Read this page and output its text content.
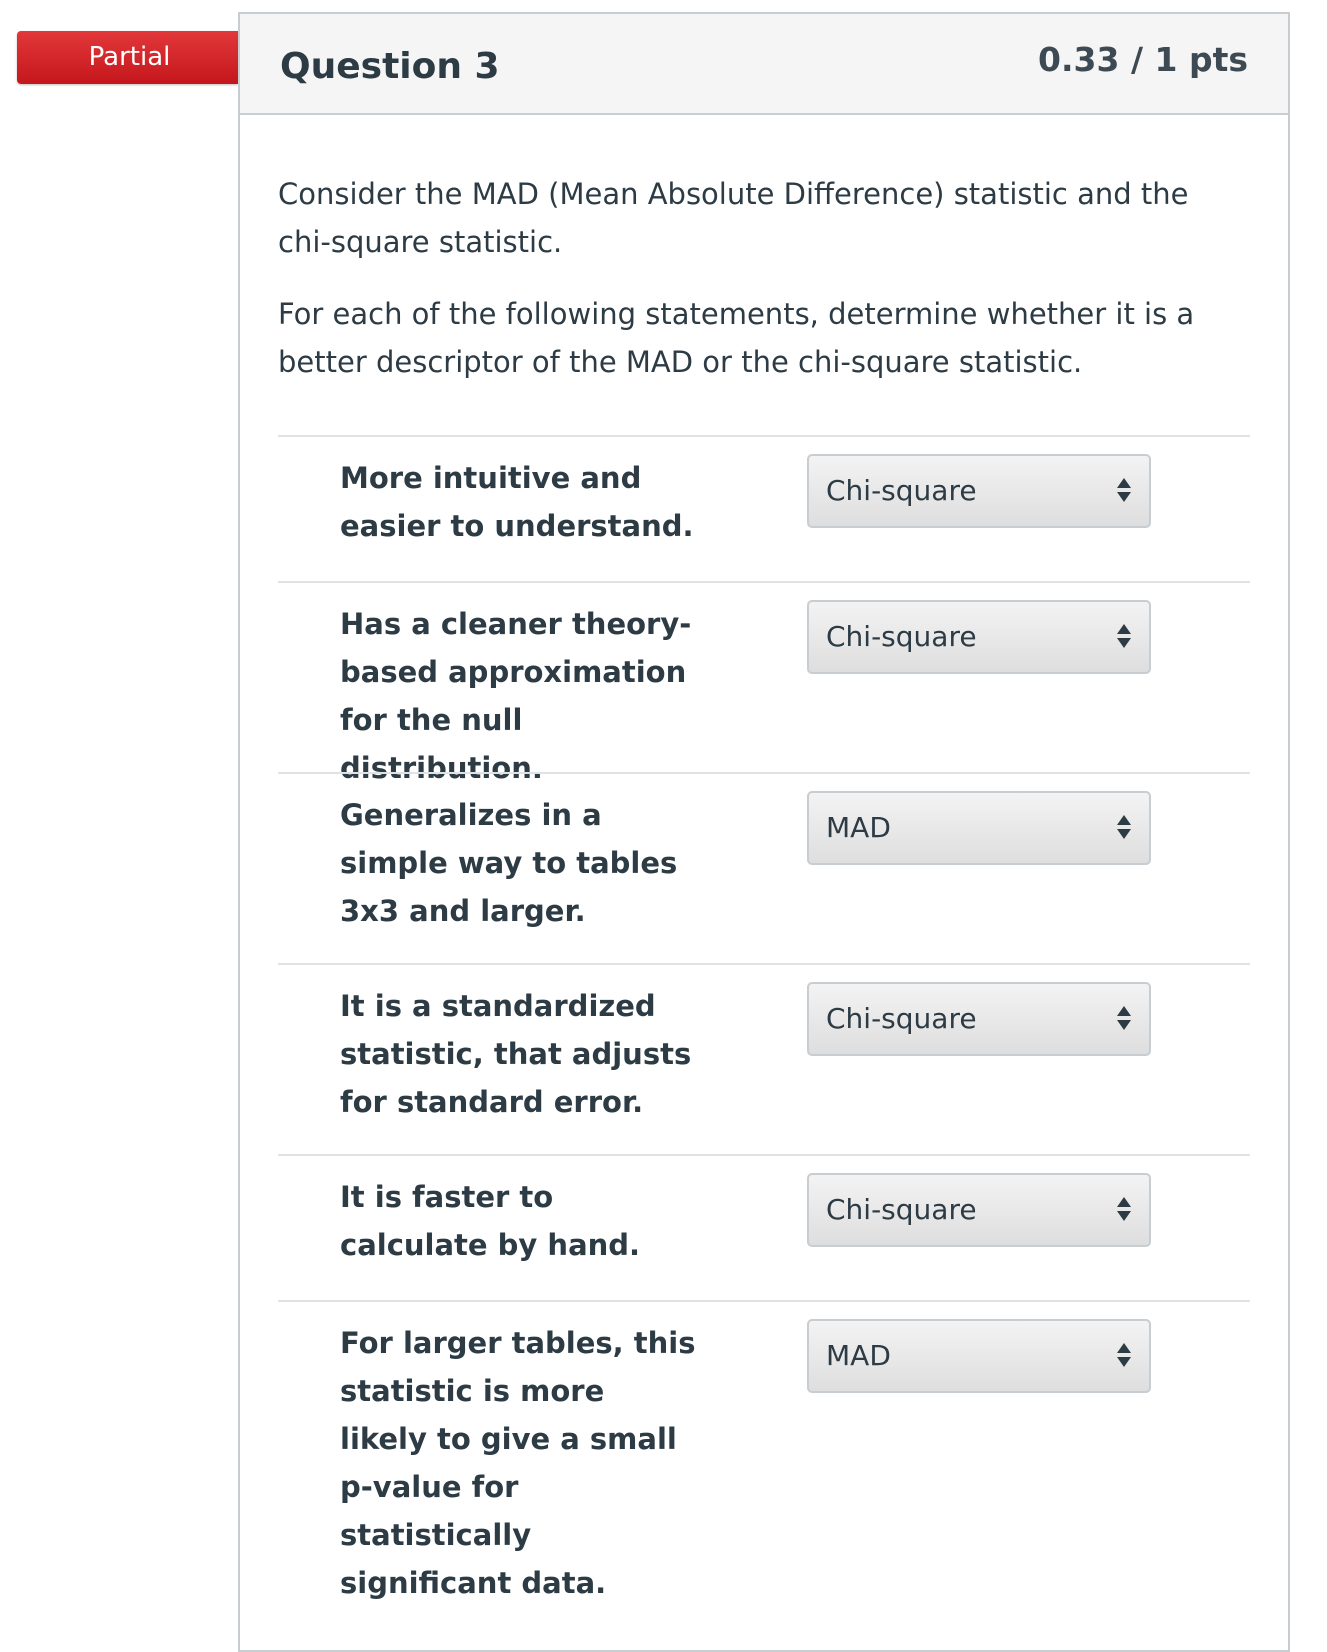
Partial	Question 3	0.33 / 1 pts

Consider the MAD (Mean Absolute Difference) statistic and the chi-square statistic.

For each of the following statements, determine whether it is a better descriptor of the MAD or the chi-square statistic.

More intuitive and easier to understand.
Chi-square
Has a cleaner theory-based approximation for the null distribution.
Chi-square
Generalizes in a simple way to tables 3x3 and larger.
MAD
It is a standardized statistic, that adjusts for standard error.
Chi-square
It is faster to calculate by hand.
Chi-square
For larger tables, this statistic is more likely to give a small p-value for statistically significant data.
MAD
